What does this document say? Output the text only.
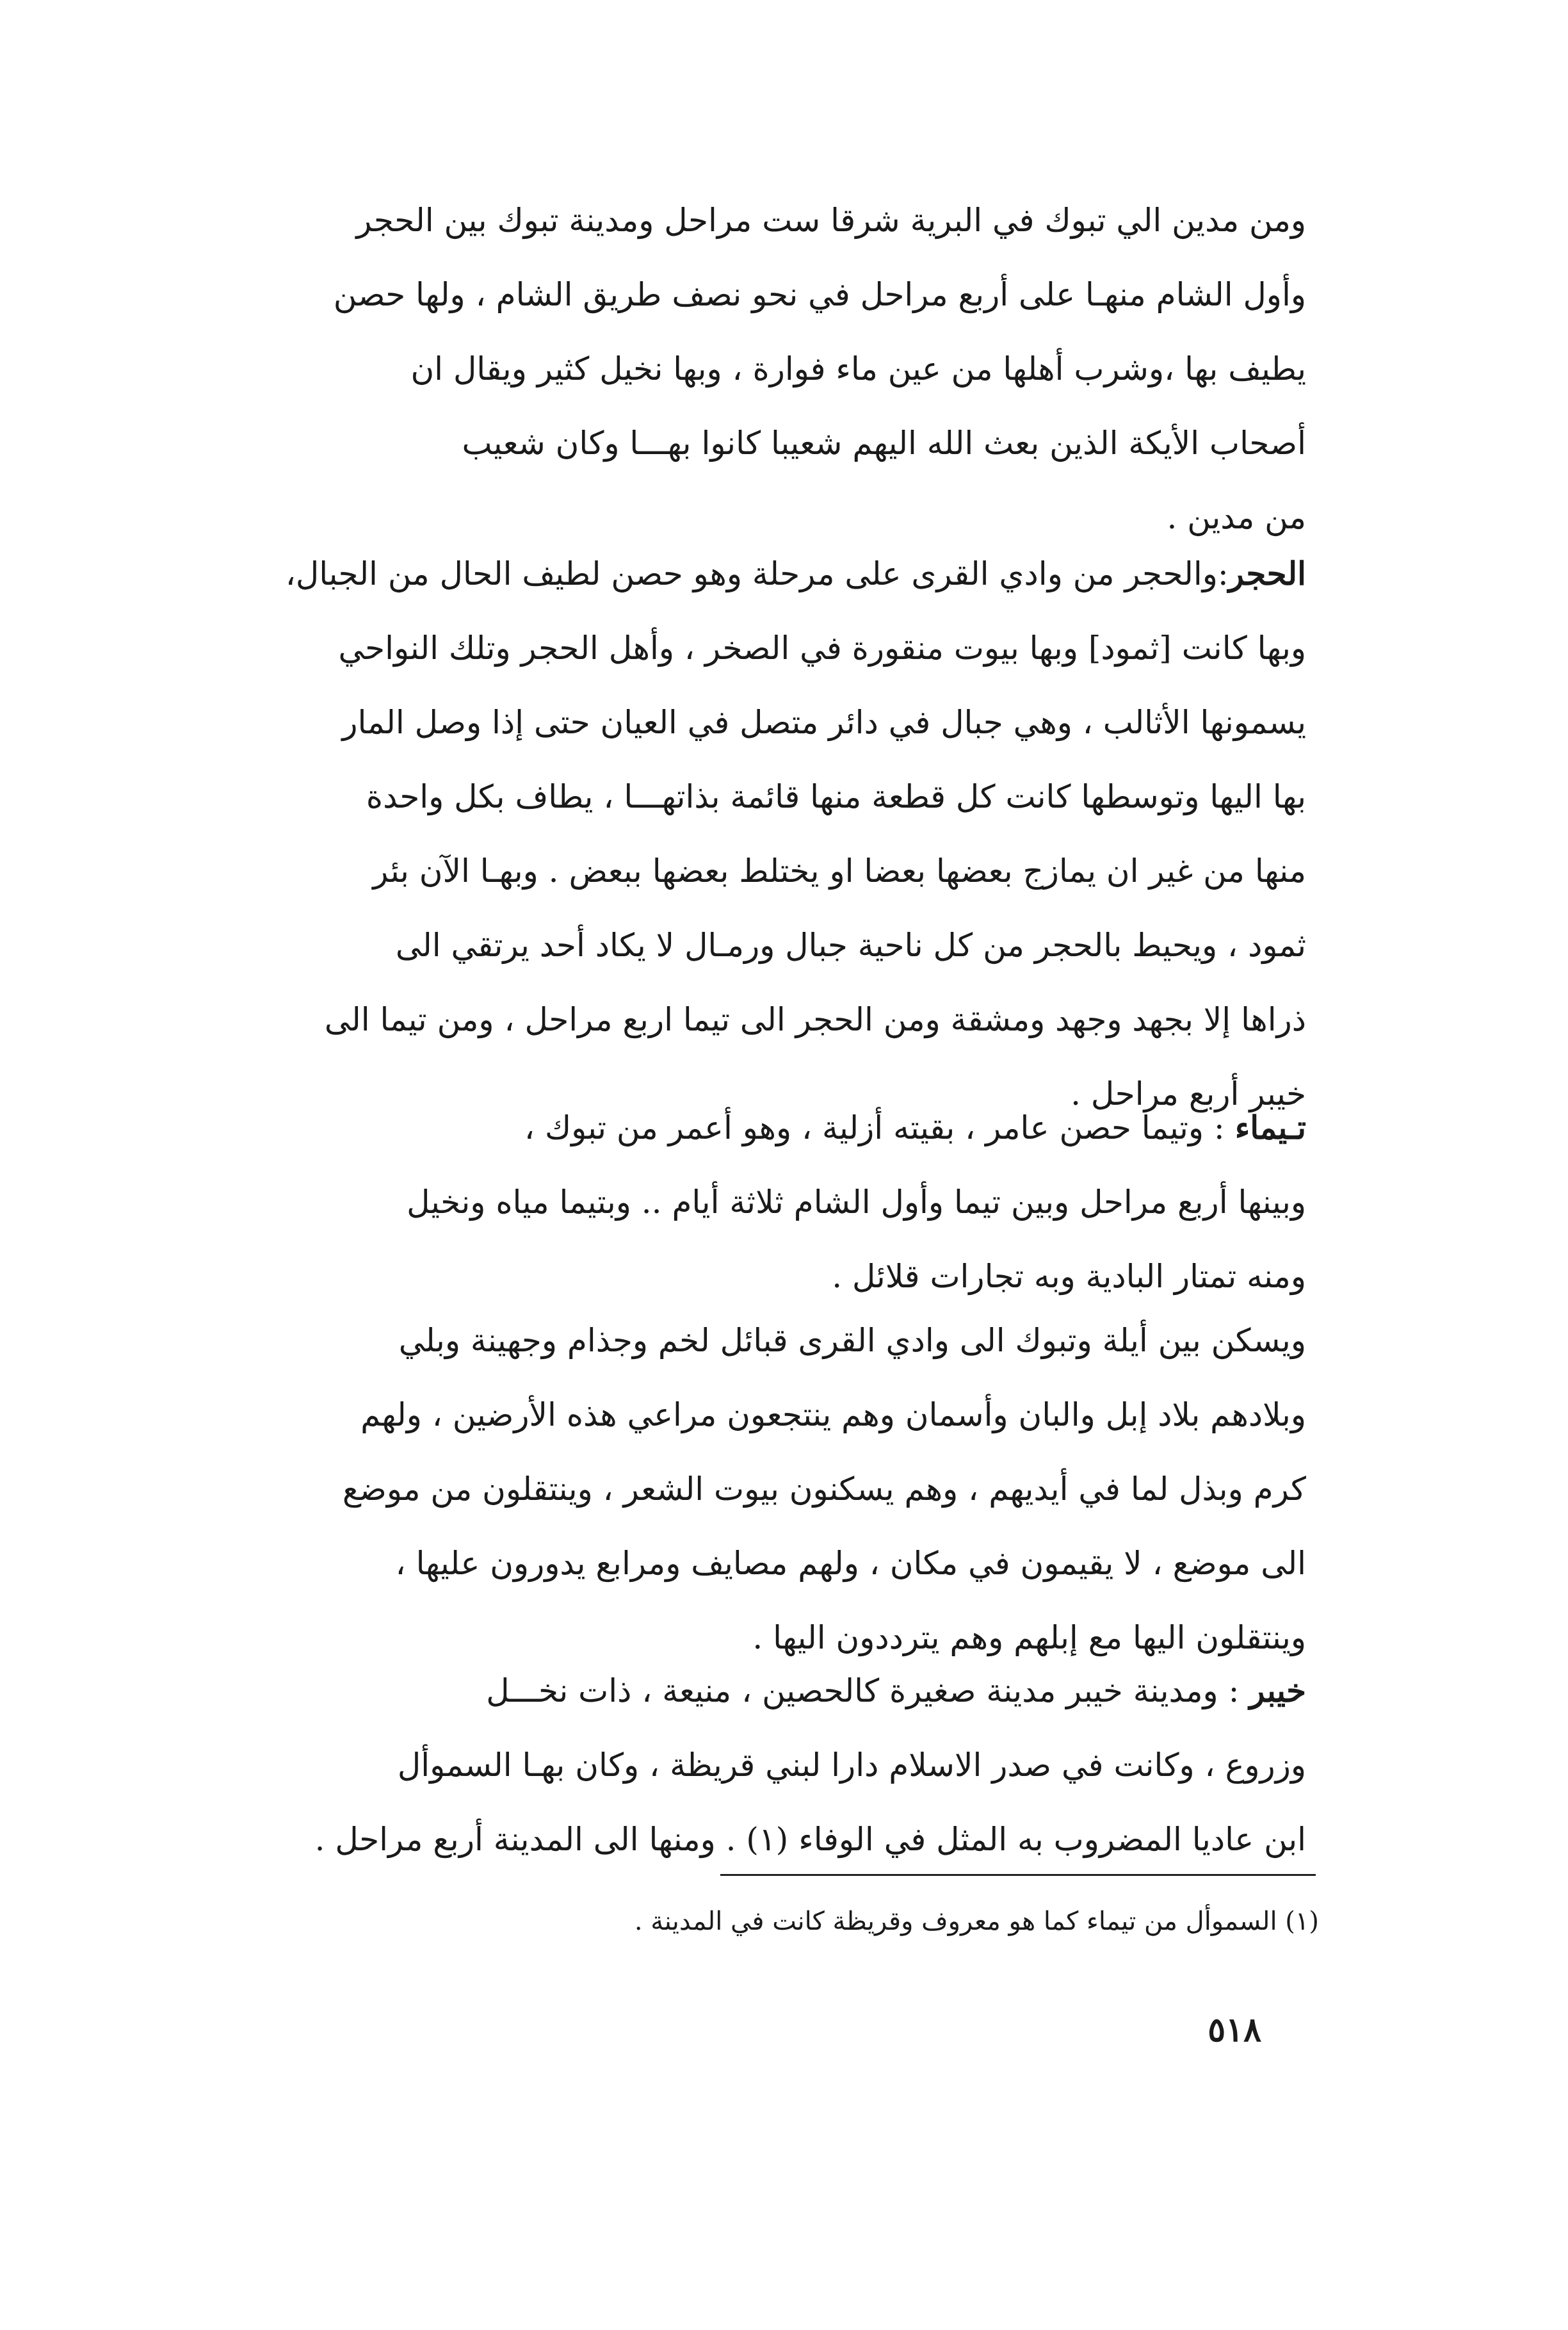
ومن مدين الي تبوك في البرية شرقا ست مراحل ومدينة تبوك بين الحجر

وأول الشام منهـا على أربع مراحل في نحو نصف طريق الشام ، ولها حصن

يطيف بها ،وشرب أهلها من عين ماء فوارة ، وبها نخيل كثير ويقال ان

أصحاب الأيكة الذين بعث الله اليهم شعيبا كانوا بهـــا وكان شعيب

من مدين .

الحجر:والحجر من وادي القرى على مرحلة وهو حصن لطيف الحال من الجبال،

وبها كانت [ثمود] وبها بيوت منقورة في الصخر ، وأهل الحجر وتلك النواحي

يسمونها الأثالب ، وهي جبال في دائر متصل في العيان حتى إذا وصل المار

بها اليها وتوسطها كانت كل قطعة منها قائمة بذاتهـــا ، يطاف بكل واحدة

منها من غير ان يمازج بعضها بعضا او يختلط بعضها ببعض . وبهـا الآن بئر

ثمود ، ويحيط بالحجر من كل ناحية جبال ورمـال لا يكاد أحد يرتقي الى

ذراها إلا بجهد وجهد ومشقة ومن الحجر الى تيما اربع مراحل ، ومن تيما الى

خيبر أربع مراحل .

تـيماء : وتيما حصن عامر ، بقيته أزلية ، وهو أعمر من تبوك ،

وبينها أربع مراحل وبين تيما وأول الشام ثلاثة أيام .. وبتيما مياه ونخيل

ومنه تمتار البادية وبه تجارات قلائل .

ويسكن بين أيلة وتبوك الى وادي القرى قبائل لخم وجذام وجهينة وبلي

وبلادهم بلاد إبل والبان وأسمان وهم ينتجعون مراعي هذه الأرضين ، ولهم

كرم وبذل لما في أيديهم ، وهم يسكنون بيوت الشعر ، وينتقلون من موضع

الى موضع ، لا يقيمون في مكان ، ولهم مصايف ومرابع يدورون عليها ،

وينتقلون اليها مع إبلهم وهم يترددون اليها .

خيبر : ومدينة خيبر مدينة صغيرة كالحصين ، منيعة ، ذات نخـــل

وزروع ، وكانت في صدر الاسلام دارا لبني قريظة ، وكان بهـا السموأل

ابن عاديا المضروب به المثل في الوفاء (١) . ومنها الى المدينة أربع مراحل .

(١) السموأل من تيماء كما هو معروف وقريظة كانت في المدينة .
٥١٨
